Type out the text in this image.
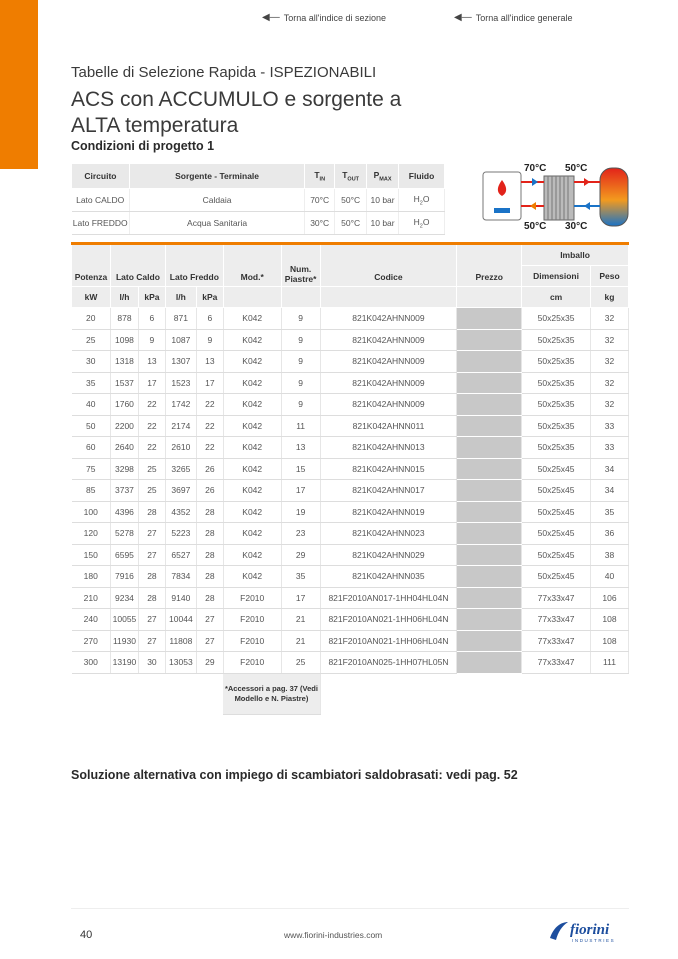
◀— Torna all'indice di sezione	◀— Torna all'indice generale
Tabelle di Selezione Rapida - ISPEZIONABILI
ACS con ACCUMULO e sorgente a ALTA temperatura
Condizioni di progetto 1
Circuito	Sorgente - Terminale	$T_{IN}$	$T_{OUT}$	$P_{MAX}$	Fluido
Lato CALDO	Caldaia	70°C	50°C	10 bar	$H_2O$
Lato FREDDO	Acqua Sanitaria	30°C	50°C	10 bar	$H_2O$
70°C 50°C
50°C 30°C
Potenza	Lato Caldo		Lato Freddo		Mod.*	Num. Piastre*	Codice	Prezzo	Imballo	
									Dimensioni	Peso
kW	l/h	kPa	l/h	kPa					cm	kg
20	878	6	871	6	K042	9	821K042AHNN009		50x25x35	32
25	1098	9	1087	9	K042	9	821K042AHNN009		50x25x35	32
30	1318	13	1307	13	K042	9	821K042AHNN009		50x25x35	32
35	1537	17	1523	17	K042	9	821K042AHNN009		50x25x35	32
40	1760	22	1742	22	K042	9	821K042AHNN009		50x25x35	32
50	2200	22	2174	22	K042	11	821K042AHNN011		50x25x35	33
60	2640	22	2610	22	K042	13	821K042AHNN013		50x25x35	33
75	3298	25	3265	26	K042	15	821K042AHNN015		50x25x45	34
85	3737	25	3697	26	K042	17	821K042AHNN017		50x25x45	34
100	4396	28	4352	28	K042	19	821K042AHNN019		50x25x45	35
120	5278	27	5223	28	K042	23	821K042AHNN023		50x25x45	36
150	6595	27	6527	28	K042	29	821K042AHNN029		50x25x45	38
180	7916	28	7834	28	K042	35	821K042AHNN035		50x25x45	40
210	9234	28	9140	28	F2010	17	821F2010AN017-1HH04HL04N		77x33x47	106
240	10055	27	10044	27	F2010	21	821F2010AN021-1HH06HL04N		77x33x47	108
270	11930	27	11808	27	F2010	21	821F2010AN021-1HH06HL04N		77x33x47	108
300	13190	30	13053	29	F2010	25	821F2010AN025-1HH07HL05N		77x33x47	111
					*Accessori a pag. 37 (Vedi Modello e N. Piastre)					
Soluzione alternativa con impiego di scambiatori saldobrasati: vedi pag. 52
40	www.fiorini-industries.com	fiorini
INDUSTRIES
